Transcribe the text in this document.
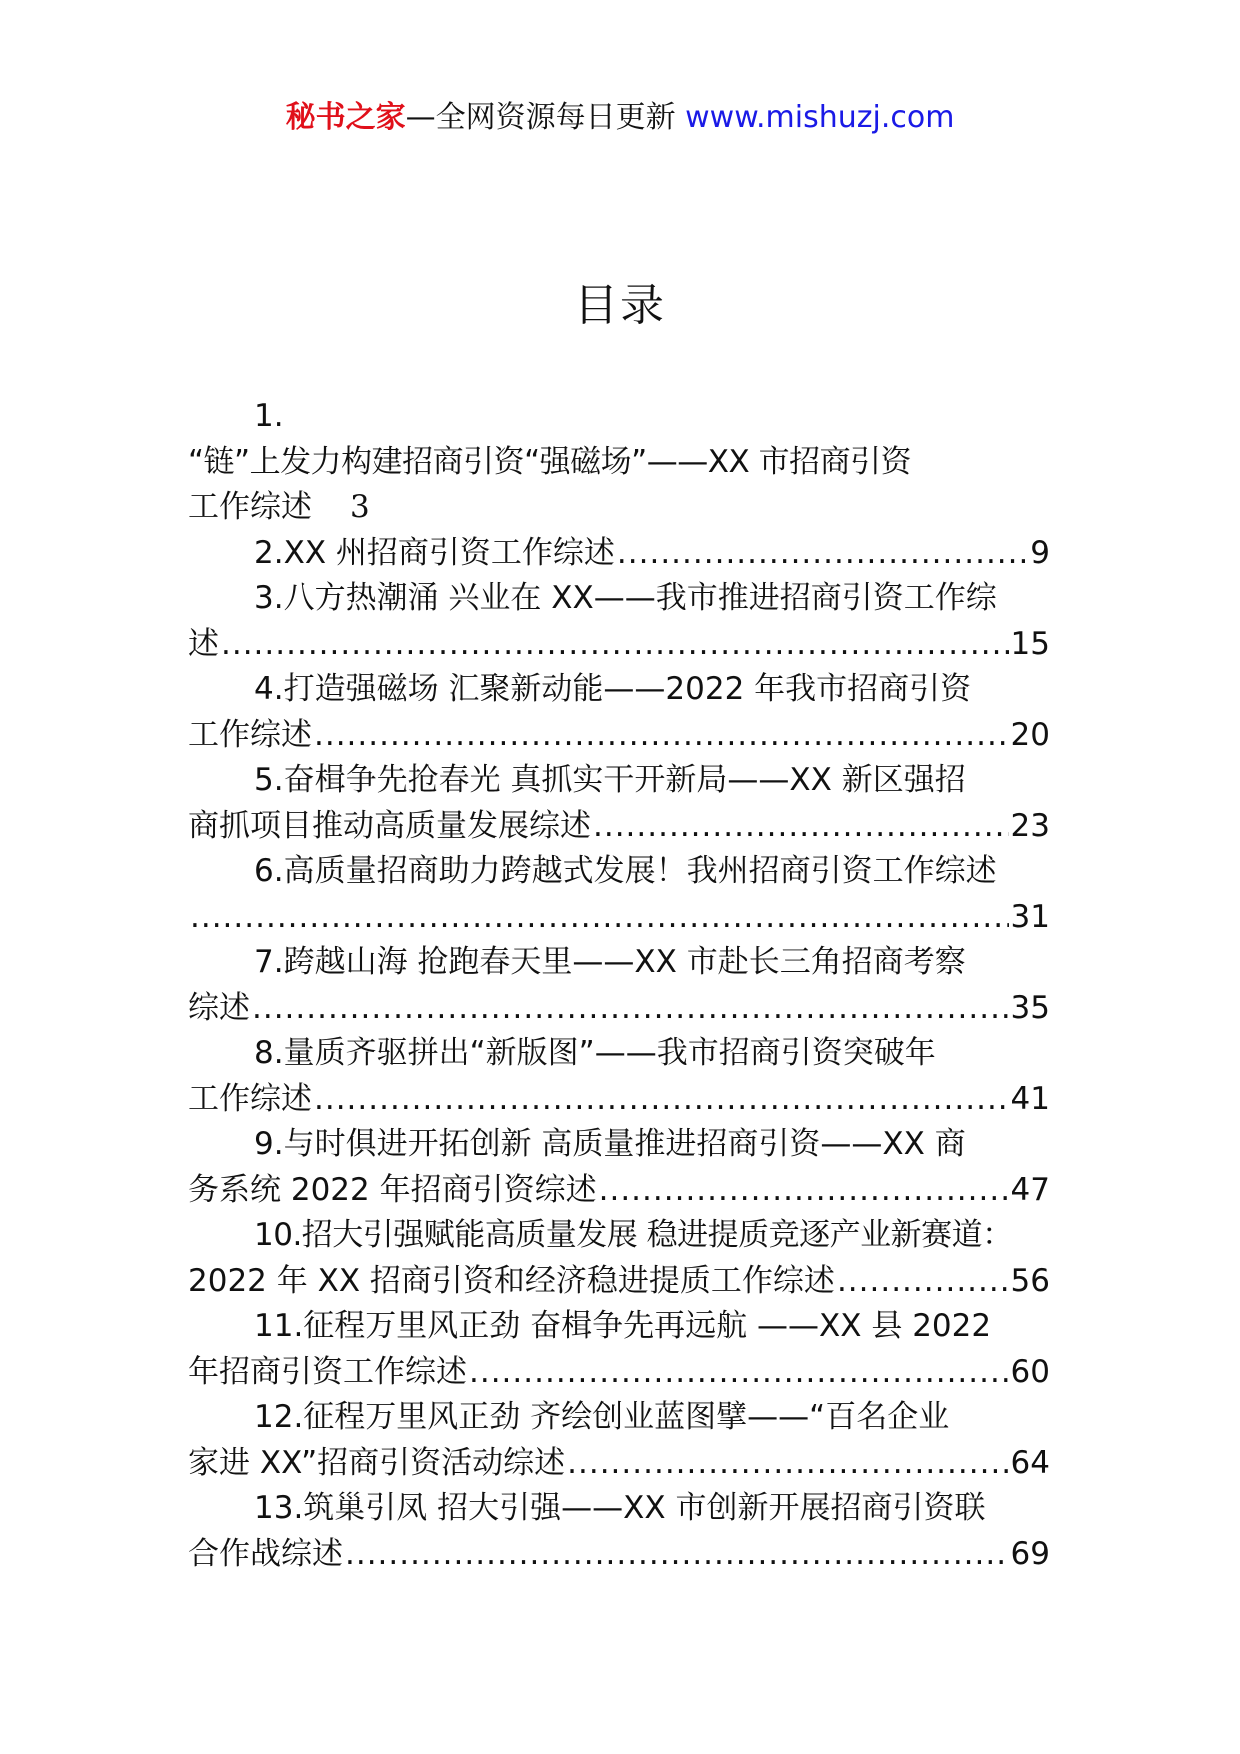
秘书之家—全网资源每日更新 www.mishuzj.com
目录
1.
“链”上发力构建招商引资“强磁场”——XX 市招商引资
工作综述 3
2.XX 州招商引资工作综述 .....	9
3.八方热潮涌 兴业在 XX——我市推进招商引资工作综
述 .....	15
4.打造强磁场 汇聚新动能——2022 年我市招商引资
工作综述 .....	20
5.奋楫争先抢春光 真抓实干开新局——XX 新区强招
商抓项目推动高质量发展综述 .....	23
6.高质量招商助力跨越式发展！我州招商引资工作综述
.....
31
7.跨越山海 抢跑春天里——XX 市赴长三角招商考察
综述 .....	35
8.量质齐驱拼出“新版图”——我市招商引资突破年
工作综述 .....	41
9.与时俱进开拓创新 高质量推进招商引资——XX 商
务系统 2022 年招商引资综述 .....	47
10.招大引强赋能高质量发展 稳进提质竞逐产业新赛道：
2022 年 XX 招商引资和经济稳进提质工作综述 .....	56
11.征程万里风正劲 奋楫争先再远航 ——XX 县 2022
年招商引资工作综述 .....	60
12.征程万里风正劲 齐绘创业蓝图擘——“百名企业
家进 XX”招商引资活动综述 .....	64
13.筑巢引凤 招大引强——XX 市创新开展招商引资联
合作战综述 .....	69
